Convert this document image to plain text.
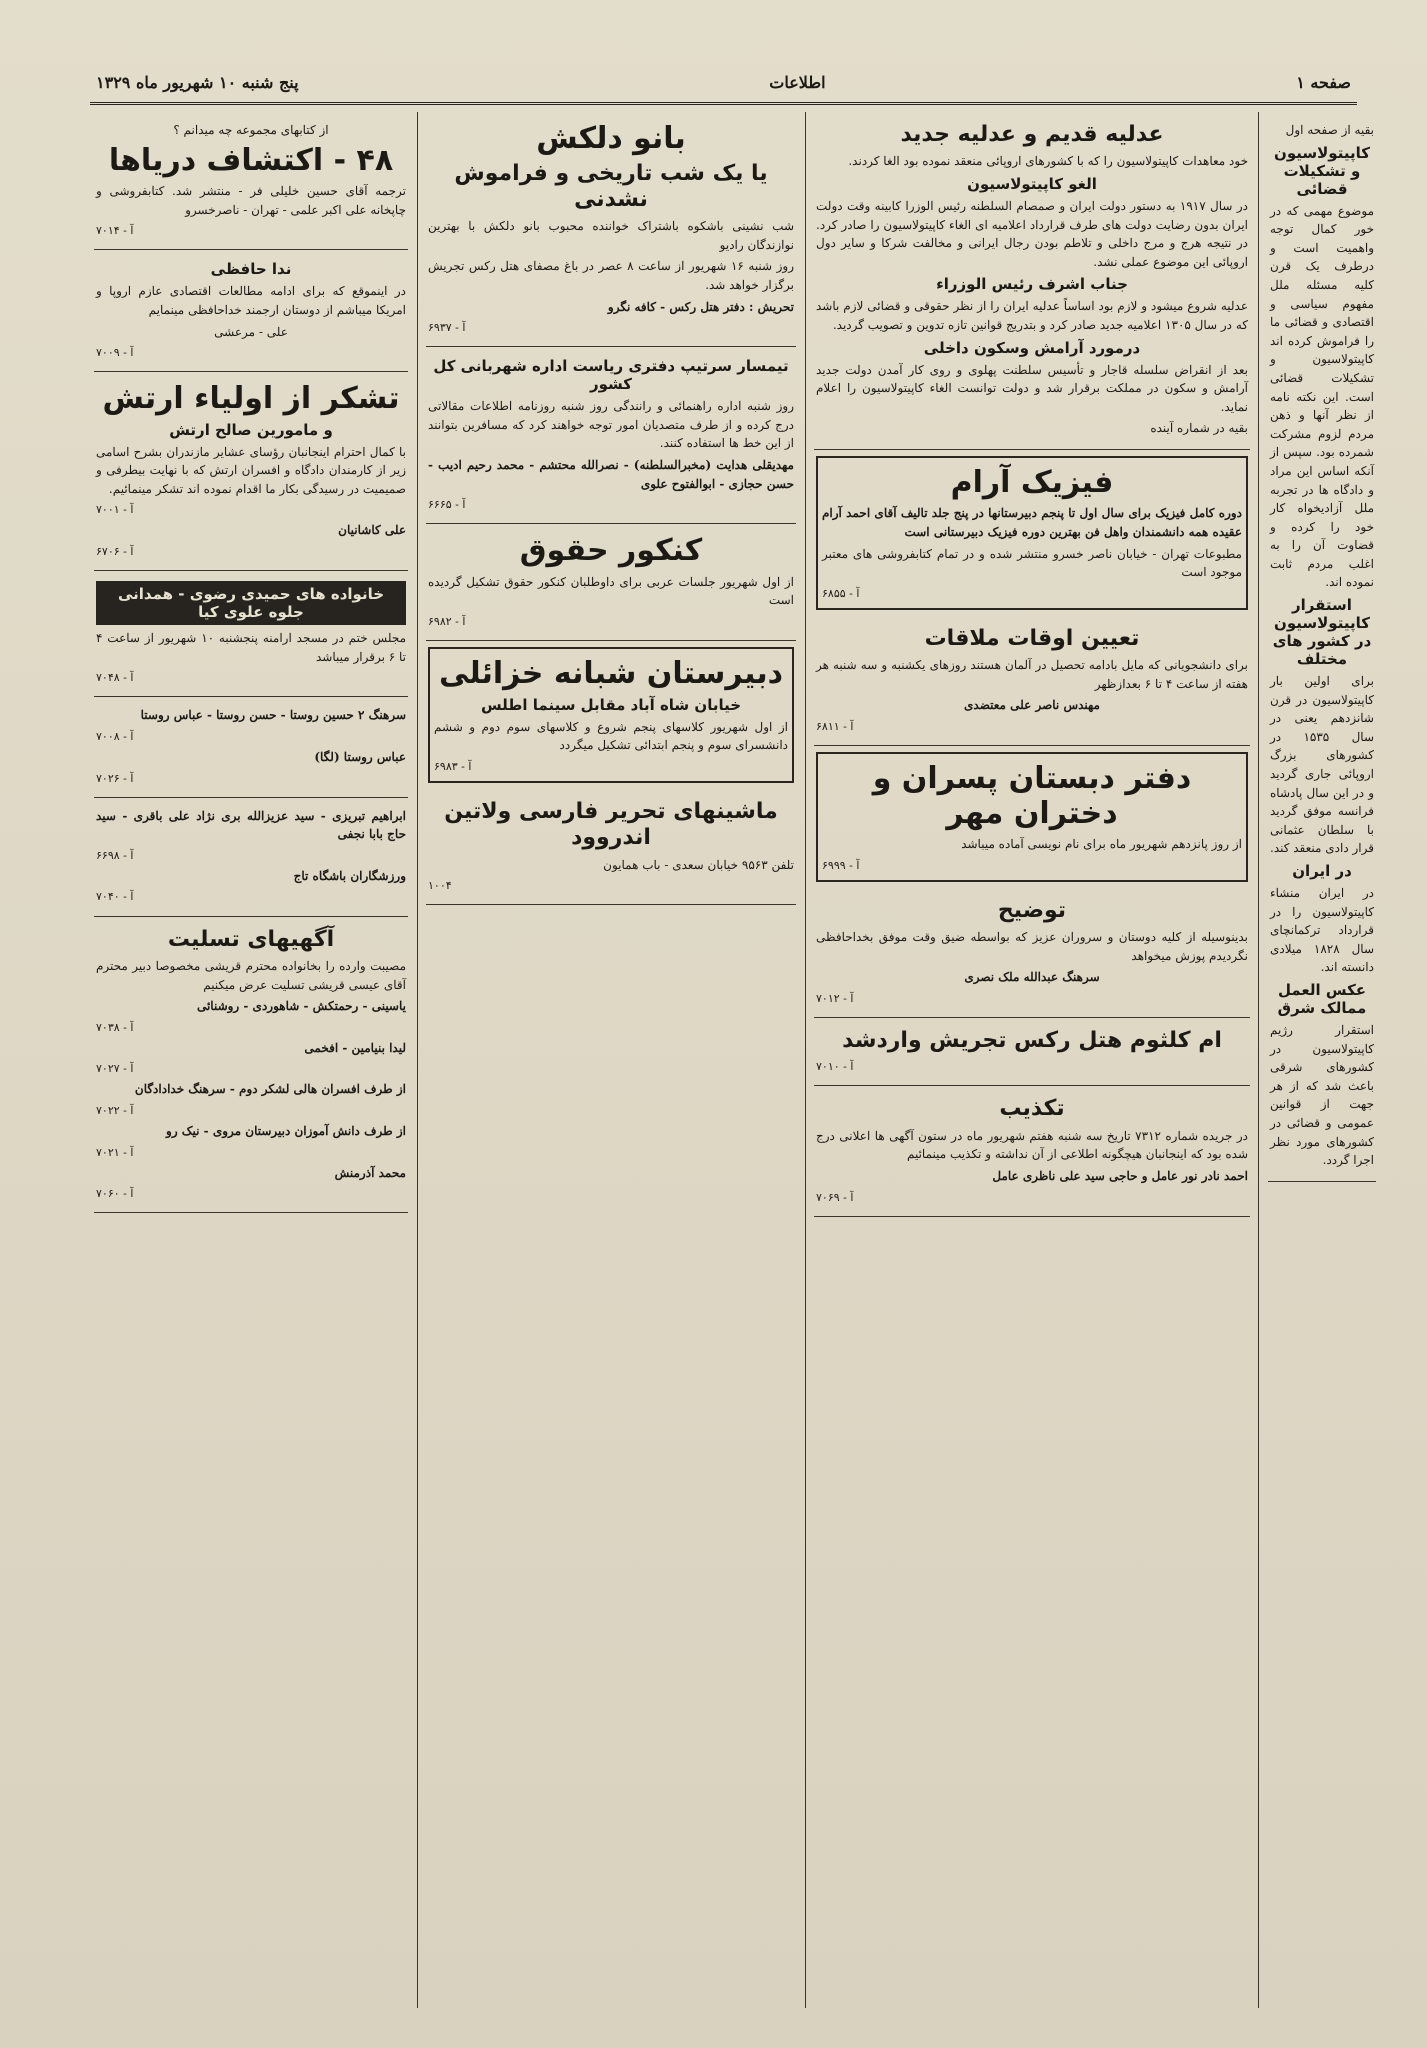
صفحه ۱
اطلاعات
پنج شنبه ۱۰ شهریور ماه ۱۳۲۹

بقیه از صفحه اول

کاپیتولاسیون و تشکیلات قضائی

موضوع مهمی که در خور کمال توجه واهمیت است و درطرف یک قرن کلیه مسئله ملل مفهوم سیاسی و اقتصادی و قضائی ما را فراموش کرده اند کاپیتولاسیون و تشکیلات قضائی است. این نکته نامه از نظر آنها و ذهن مردم لزوم مشرکت شمرده بود. سپس از آنکه اساس این مراد و دادگاه ها در تجربه ملل آزادیخواه کار خود را کرده و قضاوت آن را به اغلب مردم ثابت نموده اند.

استقرار کاپیتولاسیون در کشور های مختلف

برای اولین بار کاپیتولاسیون در قرن شانزدهم یعنی در سال ۱۵۳۵ در کشورهای بزرگ اروپائی جاری گردید و در این سال پادشاه فرانسه موفق گردید با سلطان عثمانی قرار دادی منعقد کند.

در ایران

در ایران منشاء کاپیتولاسیون را در قرارداد ترکمانچای سال ۱۸۲۸ میلادی دانسته اند.

عکس العمل ممالک شرق

استقرار رژیم کاپیتولاسیون در کشورهای شرقی باعث شد که از هر جهت از قوانین عمومی و قضائی در کشورهای مورد نظر اجرا گردد.

عدلیه قدیم و عدلیه جدید

خود معاهدات کاپیتولاسیون را که با کشورهای اروپائی منعقد نموده بود الغا کردند.

الغو کاپیتولاسیون

در سال ۱۹۱۷ به دستور دولت ایران و صمصام السلطنه رئیس الوزرا کابینه وقت دولت ایران بدون رضایت دولت های طرف قرارداد اعلامیه ای الغاء کاپیتولاسیون را صادر کرد. در نتیجه هرج و مرج داخلی و تلاطم بودن رجال ایرانی و مخالفت شرکا و سایر دول اروپائی این موضوع عملی نشد.

جناب اشرف رئیس الوزراء

عدلیه شروع میشود و لازم بود اساساً عدلیه ایران را از نظر حقوقی و قضائی لازم باشد که در سال ۱۳۰۵ اعلامیه جدید صادر کرد و بتدریج قوانین تازه تدوین و تصویب گردید.

درمورد آرامش وسکون داخلی

بعد از انقراض سلسله قاجار و تأسیس سلطنت پهلوی و روی کار آمدن دولت جدید آرامش و سکون در مملکت برقرار شد و دولت توانست الغاء کاپیتولاسیون را اعلام نماید.

بقیه در شماره آینده

فیزیک آرام

دوره کامل فیزیک برای سال اول تا پنجم دبیرستانها در پنج جلد تالیف آقای احمد آرام عقیده همه دانشمندان واهل فن بهترین دوره فیزیک دبیرستانی است

مطبوعات تهران - خیابان ناصر خسرو منتشر شده و در تمام کتابفروشی های معتبر موجود است

آ - ۶۸۵۵

تعیین اوقات ملاقات

برای دانشجویانی که مایل بادامه تحصیل در آلمان هستند روزهای یکشنبه و سه شنبه هر هفته از ساعت ۴ تا ۶ بعدازظهر

مهندس ناصر علی معتضدی

آ - ۶۸۱۱

دفتر دبستان پسران و دختران مهر

از روز پانزدهم شهریور ماه برای نام نویسی آماده میباشد

آ - ۶۹۹۹

توضیح

بدینوسیله از کلیه دوستان و سروران عزیز که بواسطه ضیق وقت موفق بخداحافظی نگردیدم پوزش میخواهد

سرهنگ عبدالله ملک نصری

آ - ۷۰۱۲

ام کلثوم هتل رکس تجریش واردشد

آ - ۷۰۱۰

تکذیب

در جریده شماره ۷۳۱۲ تاریخ سه شنبه هفتم شهریور ماه در ستون آگهی ها اعلانی درج شده بود که اینجانبان هیچگونه اطلاعی از آن نداشته و تکذیب مینمائیم

احمد نادر نور عامل و حاجی سید علی ناظری عامل

آ - ۷۰۶۹

بانو دلکش
یا یک شب تاریخی و فراموش نشدنی

شب نشینی باشکوه باشتراک خواننده محبوب بانو دلکش با بهترین نوازندگان رادیو

روز شنبه ۱۶ شهریور از ساعت ۸ عصر در باغ مصفای هتل رکس تجریش برگزار خواهد شد.

تحریش : دفتر هتل رکس - کافه نگرو

آ - ۶۹۳۷

تیمسار سرتیپ دفتری ریاست اداره شهربانی کل کشور

روز شنبه اداره راهنمائی و رانندگی روز شنبه روزنامه اطلاعات مقالاتی درج کرده و از طرف متصدیان امور توجه خواهند کرد که مسافرین بتوانند از این خط ها استفاده کنند.

مهدیقلی هدایت (مخبرالسلطنه) - نصرالله محتشم - محمد رحیم ادیب - حسن حجازی - ابوالفتوح علوی

آ - ۶۶۶۵

کنکور حقوق

از اول شهریور جلسات عربی برای داوطلبان کنکور حقوق تشکیل گردیده است

آ - ۶۹۸۲

دبیرستان شبانه خزائلی
خیابان شاه آباد مقابل سینما اطلس

از اول شهریور کلاسهای پنجم شروع و کلاسهای سوم دوم و ششم دانشسرای سوم و پنجم ابتدائی تشکیل میگردد

آ - ۶۹۸۳

ماشینهای تحریر فارسی ولاتین اندروود

تلفن ۹۵۶۳ خیابان سعدی - باب همایون

۱۰۰۴

از کتابهای مجموعه چه میدانم ؟

۴۸ - اکتشاف دریاها

ترجمه آقای حسین خلیلی فر - منتشر شد. کتابفروشی و چاپخانه علی اکبر علمی - تهران - ناصرخسرو

آ - ۷۰۱۴

ندا حافظی

در اینموقع که برای ادامه مطالعات اقتصادی عازم اروپا و امریکا میباشم از دوستان ارجمند خداحافظی مینمایم

علی - مرعشی

آ - ۷۰۰۹

تشکر از اولیاء ارتش
و مامورین صالح ارتش

با کمال احترام اینجانبان رؤسای عشایر مازندران بشرح اسامی زیر از کارمندان دادگاه و افسران ارتش که با نهایت بیطرفی و صمیمیت در رسیدگی بکار ما اقدام نموده اند تشکر مینمائیم.

آ - ۷۰۰۱

علی کاشانیان

آ - ۶۷۰۶

خانواده های حمیدی رضوی - همدانی جلوه علوی کیا

مجلس ختم در مسجد ارامنه پنجشنبه ۱۰ شهریور از ساعت ۴ تا ۶ برقرار میباشد

آ - ۷۰۴۸

سرهنگ ۲ حسین روستا - حسن روستا - عباس روستا

آ - ۷۰۰۸

عباس روستا (لگا)

آ - ۷۰۲۶

ابراهیم تبریزی - سید عزیزالله بری نژاد علی باقری - سید حاج بابا نجفی

آ - ۶۶۹۸

ورزشگاران باشگاه تاج

آ - ۷۰۴۰

آگهیهای تسلیت

مصیبت وارده را بخانواده محترم قریشی مخصوصا دبیر محترم آقای عیسی قریشی تسلیت عرض میکنیم

یاسینی - رحمتکش - شاهوردی - روشنائی

آ - ۷۰۳۸

لیدا بنیامین - افخمی

آ - ۷۰۲۷

از طرف افسران هالی لشکر دوم - سرهنگ خدادادگان

آ - ۷۰۲۲

از طرف دانش آموزان دبیرستان مروی - نیک رو

آ - ۷۰۲۱

محمد آذرمنش

آ - ۷۰۶۰
